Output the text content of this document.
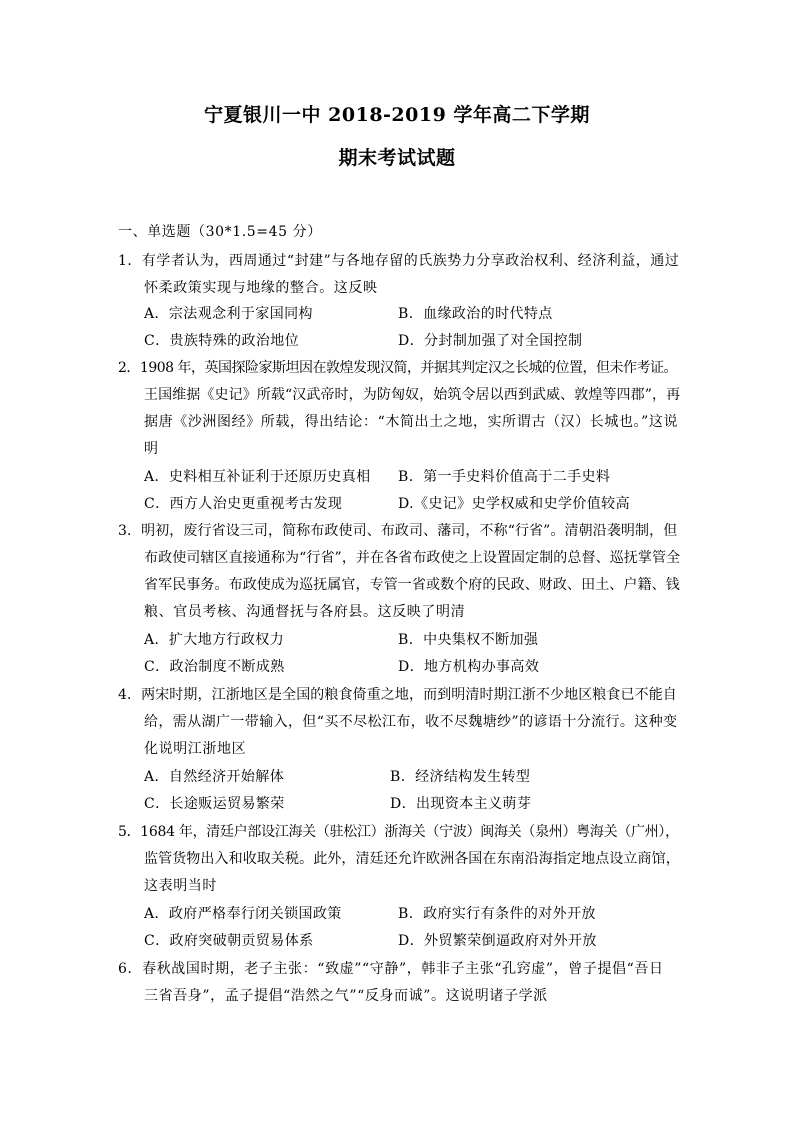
宁夏银川一中 2018-2019 学年高二下学期
期末考试试题
一、单选题（30*1.5=45 分）
1．有学者认为，西周通过“封建”与各地存留的氏族势力分享政治权利、经济利益，通过
怀柔政策实现与地缘的整合。这反映
A．宗法观念利于家国同构	B．血缘政治的时代特点
C．贵族特殊的政治地位	D．分封制加强了对全国控制
2．1908 年，英国探险家斯坦因在敦煌发现汉简，并据其判定汉之长城的位置，但未作考证。
王国维据《史记》所载“汉武帝时，为防匈奴，始筑令居以西到武威、敦煌等四郡”，再
据唐《沙洲图经》所载，得出结论：“木简出土之地，实所谓古（汉）长城也。”这说
明
A．史料相互补证利于还原历史真相 B．第一手史料价值高于二手史料
C．西方人治史更重视考古发现	D.《史记》史学权威和史学价值较高
3．明初，废行省设三司，简称布政使司、布政司、藩司，不称“行省”。清朝沿袭明制，但
布政使司辖区直接通称为“行省”，并在各省布政使之上设置固定制的总督、巡抚掌管全
省军民事务。布政使成为巡抚属官，专管一省或数个府的民政、财政、田土、户籍、钱
粮、官员考核、沟通督抚与各府县。这反映了明清
A．扩大地方行政权力	B．中央集权不断加强
C．政治制度不断成熟	D．地方机构办事高效
4．两宋时期，江浙地区是全国的粮食倚重之地，而到明清时期江浙不少地区粮食已不能自
给，需从湖广一带输入，但“买不尽松江布，收不尽魏塘纱”的谚语十分流行。这种变
化说明江浙地区
A．自然经济开始解体	B．经济结构发生转型
C．长途贩运贸易繁荣	D．出现资本主义萌芽
5．1684 年，清廷户部设江海关（驻松江）浙海关（宁波）闽海关（泉州）粤海关（广州），
监管货物出入和收取关税。此外，清廷还允许欧洲各国在东南沿海指定地点设立商馆，
这表明当时
A．政府严格奉行闭关锁国政策	B．政府实行有条件的对外开放
C．政府突破朝贡贸易体系	D．外贸繁荣倒逼政府对外开放
6．春秋战国时期，老子主张：“致虚”“守静”，韩非子主张“孔窍虚”，曾子提倡“吾日
三省吾身”，孟子提倡“浩然之气”“反身而诚”。这说明诸子学派
